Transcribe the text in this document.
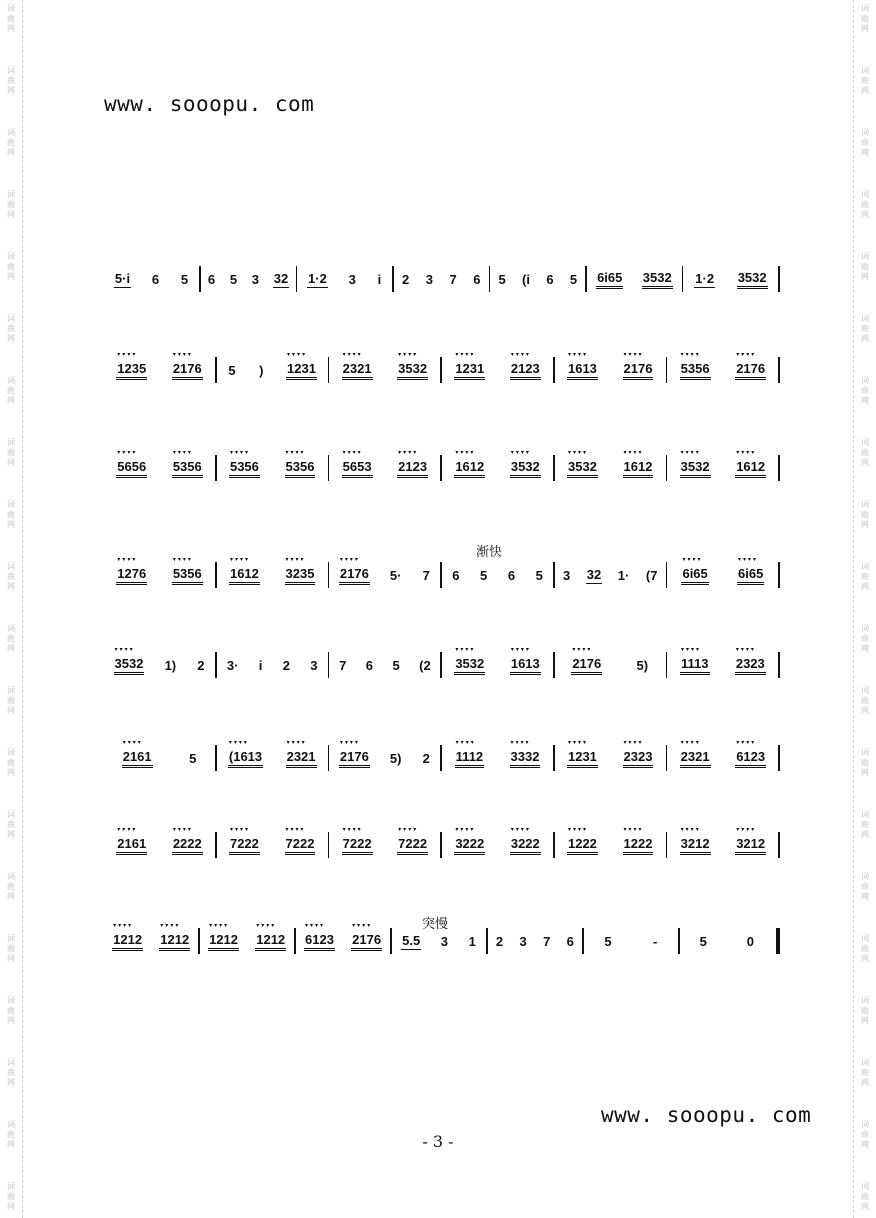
词
曲
网
词
曲
网
词
曲
网
词
曲
网
词
曲
网
词
曲
网
词
曲
网
词
曲
网
词
曲
网
词
曲
网
词
曲
网
词
曲
网
词
曲
网
词
曲
网
词
曲
网
词
曲
网
词
曲
网
词
曲
网
词
曲
网
词
曲
网
词
曲
网
词
曲
网
词
曲
网
词
曲
网
词
曲
网
词
曲
网
词
曲
网
词
曲
网
词
曲
网
词
曲
网
词
曲
网
词
曲
网
词
曲
网
词
曲
网
词
曲
网
词
曲
网
词
曲
网
词
曲
网
词
曲
网
词
曲
网
www. sooopu. com
5·i 6 5 6 5 3 32 1·2 3 i 2 3 7 6 5 (i 6 5 6i65 3532 1·2 3532
▾▾▾▾ 1235 ▾▾▾▾ 2176 5 ) ▾▾▾▾ 1231 ▾▾▾▾ 2321 ▾▾▾▾ 3532 ▾▾▾▾ 1231 ▾▾▾▾ 2123 ▾▾▾▾ 1613 ▾▾▾▾ 2176 ▾▾▾▾ 5356 ▾▾▾▾ 2176
▾▾▾▾ 5656 ▾▾▾▾ 5356 ▾▾▾▾ 5356 ▾▾▾▾ 5356 ▾▾▾▾ 5653 ▾▾▾▾ 2123 ▾▾▾▾ 1612 ▾▾▾▾ 3532 ▾▾▾▾ 3532 ▾▾▾▾ 1612 ▾▾▾▾ 3532 ▾▾▾▾ 1612
▾▾▾▾ 1276 ▾▾▾▾ 5356 ▾▾▾▾ 1612 ▾▾▾▾ 3235 ▾▾▾▾ 2176 5· 7 6 5 6 5 3 32 1· (7 ▾▾▾▾ 6i65 ▾▾▾▾ 6i65
▾▾▾▾ 3532 1) 2 3· i 2 3 7 6 5 (2 ▾▾▾▾ 3532 ▾▾▾▾ 1613	▾▾▾▾ 2176	5)	▾▾▾▾ 1113 ▾▾▾▾ 2323
▾▾▾▾ 2161	5	▾▾▾▾ (1613 ▾▾▾▾ 2321 ▾▾▾▾ 2176 5) 2 ▾▾▾▾ 1112 ▾▾▾▾ 3332 ▾▾▾▾ 1231 ▾▾▾▾ 2323 ▾▾▾▾ 2321 ▾▾▾▾ 6123
▾▾▾▾ 2161 ▾▾▾▾ 2222 ▾▾▾▾ 7222 ▾▾▾▾ 7222 ▾▾▾▾ 7222 ▾▾▾▾ 7222 ▾▾▾▾ 3222 ▾▾▾▾ 3222 ▾▾▾▾ 1222 ▾▾▾▾ 1222 ▾▾▾▾ 3212 ▾▾▾▾ 3212
▾▾▾▾ 1212 ▾▾▾▾ 1212 ▾▾▾▾ 1212 ▾▾▾▾ 1212 ▾▾▾▾ 6123 ▾▾▾▾ 2176 5.5 3 1 2 3 7 6 5	-	5	0
渐快
突慢
www. sooopu. com
- 3 -
